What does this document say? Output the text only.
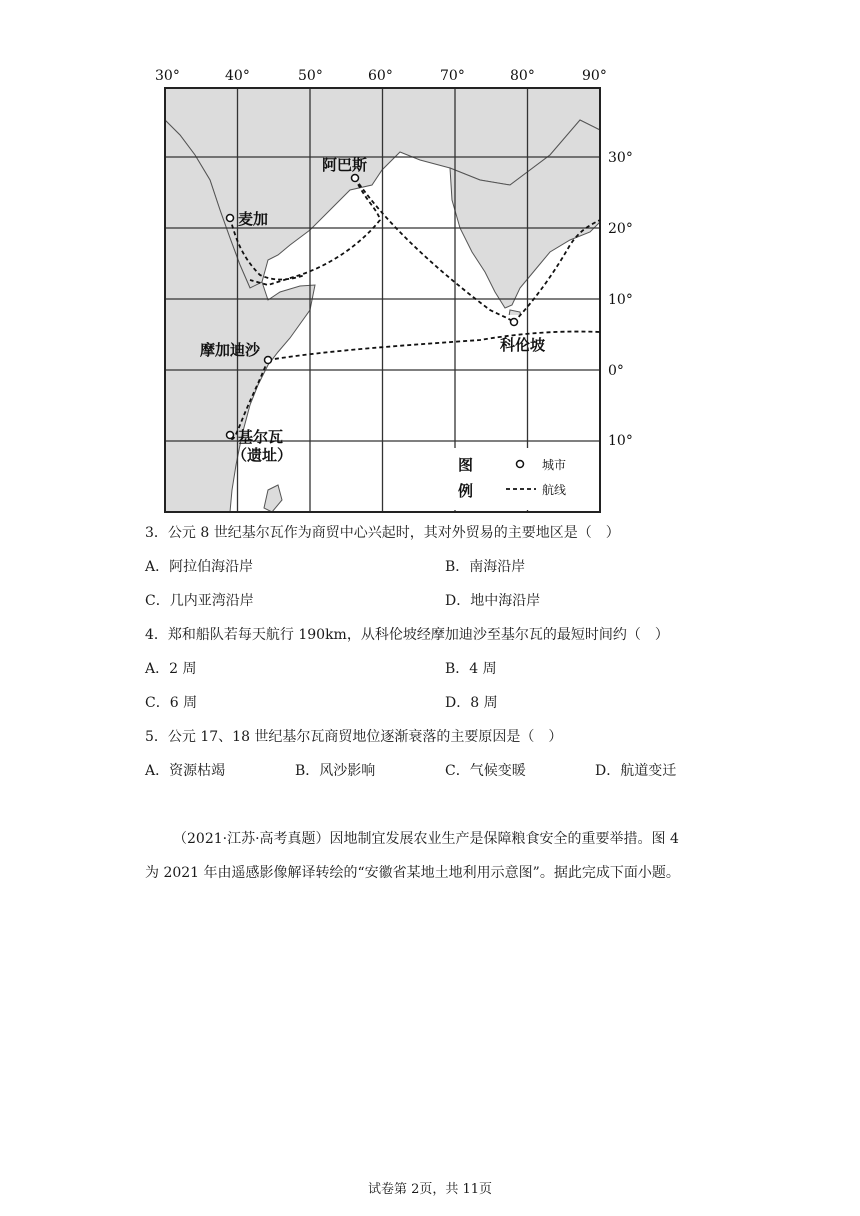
阿巴斯
麦加
摩加迪沙	科伦坡
基尔瓦
（遗址）
30°	40°	50°	60°	70°	80°	90°
30°
20°
10°
0°
10°
图
例
城市
航线
3．公元 8 世纪基尔瓦作为商贸中心兴起时，其对外贸易的主要地区是（　）
A．阿拉伯海沿岸	B．南海沿岸
C．几内亚湾沿岸	D．地中海沿岸
4．郑和船队若每天航行 190km，从科伦坡经摩加迪沙至基尔瓦的最短时间约（　）
A．2 周	B．4 周
C．6 周	D．8 周
5．公元 17、18 世纪基尔瓦商贸地位逐渐衰落的主要原因是（　）
A．资源枯竭	B．风沙影响	C．气候变暖	D．航道变迁
（2021·江苏·高考真题）因地制宜发展农业生产是保障粮食安全的重要举措。图 4
为 2021 年由遥感影像解译转绘的“安徽省某地土地利用示意图”。据此完成下面小题。
试卷第 2页，共 11页
